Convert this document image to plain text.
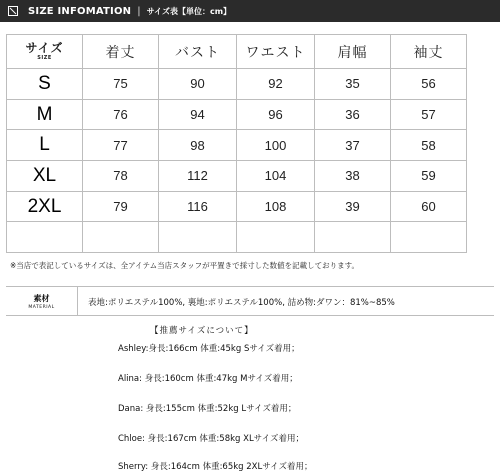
SIZE INFOMATION | サイズ表【単位：cm】
サイズ
SIZE	着丈	バスト	ワエスト	肩幅	袖丈
S	75	90	92	35	56
M	76	94	96	36	57
L	77	98	100	37	58
XL	78	112	104	38	59
2XL	79	116	108	39	60

※当店で表記しているサイズは、全アイテム当店スタッフが平置きで採寸した数値を記載しております。
素材
MATERIAL	表地:ポリエステル100%, 裏地:ポリエステル100%, 詰め物:ダワン：81%~85%
【推薦サイズについて】
Ashley:身長:166cm 体重:45kg Sサイズ着用；
Alina: 身長:160cm 体重:47kg Mサイズ着用；
Dana: 身長:155cm 体重:52kg Lサイズ着用；
Chloe: 身長:167cm 体重:58kg XLサイズ着用；
Sherry: 身長:164cm 体重:65kg 2XLサイズ着用；
